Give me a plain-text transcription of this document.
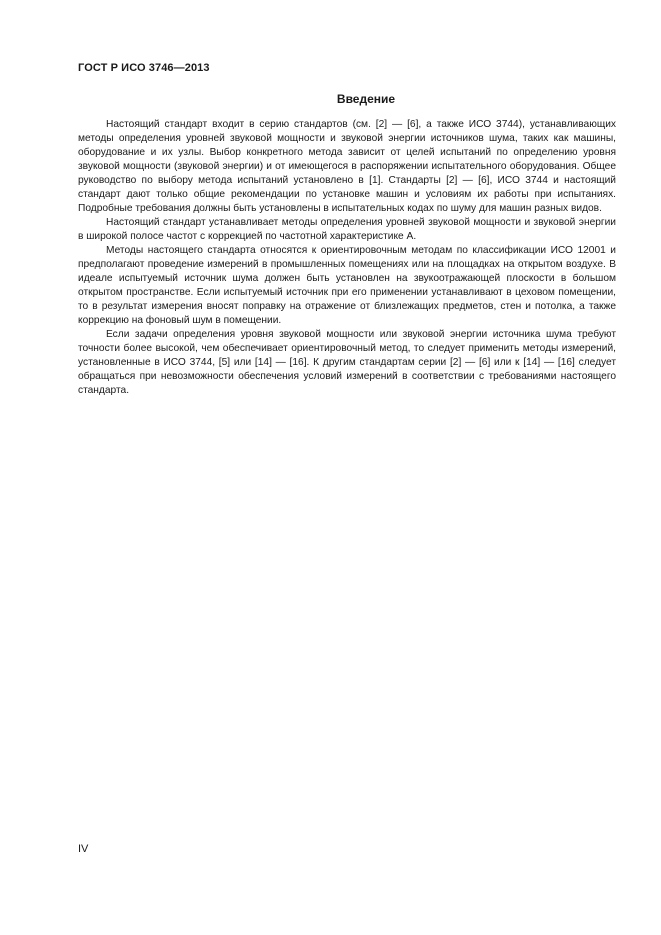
ГОСТ Р ИСО 3746—2013
Введение

Настоящий стандарт входит в серию стандартов (см. [2] — [6], а также ИСО 3744), устанавливающих методы определения уровней звуковой мощности и звуковой энергии источников шума, таких как машины, оборудование и их узлы. Выбор конкретного метода зависит от целей испытаний по определению уровня звуковой мощности (звуковой энергии) и от имеющегося в распоряжении испытательного оборудования. Общее руководство по выбору метода испытаний установлено в [1]. Стандарты [2] — [6], ИСО 3744 и настоящий стандарт дают только общие рекомендации по установке машин и условиям их работы при испытаниях. Подробные требования должны быть установлены в испытательных кодах по шуму для машин разных видов.

Настоящий стандарт устанавливает методы определения уровней звуковой мощности и звуковой энергии в широкой полосе частот с коррекцией по частотной характеристике А.

Методы настоящего стандарта относятся к ориентировочным методам по классификации ИСО 12001 и предполагают проведение измерений в промышленных помещениях или на площадках на открытом воздухе. В идеале испытуемый источник шума должен быть установлен на звукоотражающей плоскости в большом открытом пространстве. Если испытуемый источник при его применении устанавливают в цеховом помещении, то в результат измерения вносят поправку на отражение от близлежащих предметов, стен и потолка, а также коррекцию на фоновый шум в помещении.

Если задачи определения уровня звуковой мощности или звуковой энергии источника шума требуют точности более высокой, чем обеспечивает ориентировочный метод, то следует применить методы измерений, установленные в ИСО 3744, [5] или [14] — [16]. К другим стандартам серии [2] — [6] или к [14] — [16] следует обращаться при невозможности обеспечения условий измерений в соответствии с требованиями настоящего стандарта.

IV
